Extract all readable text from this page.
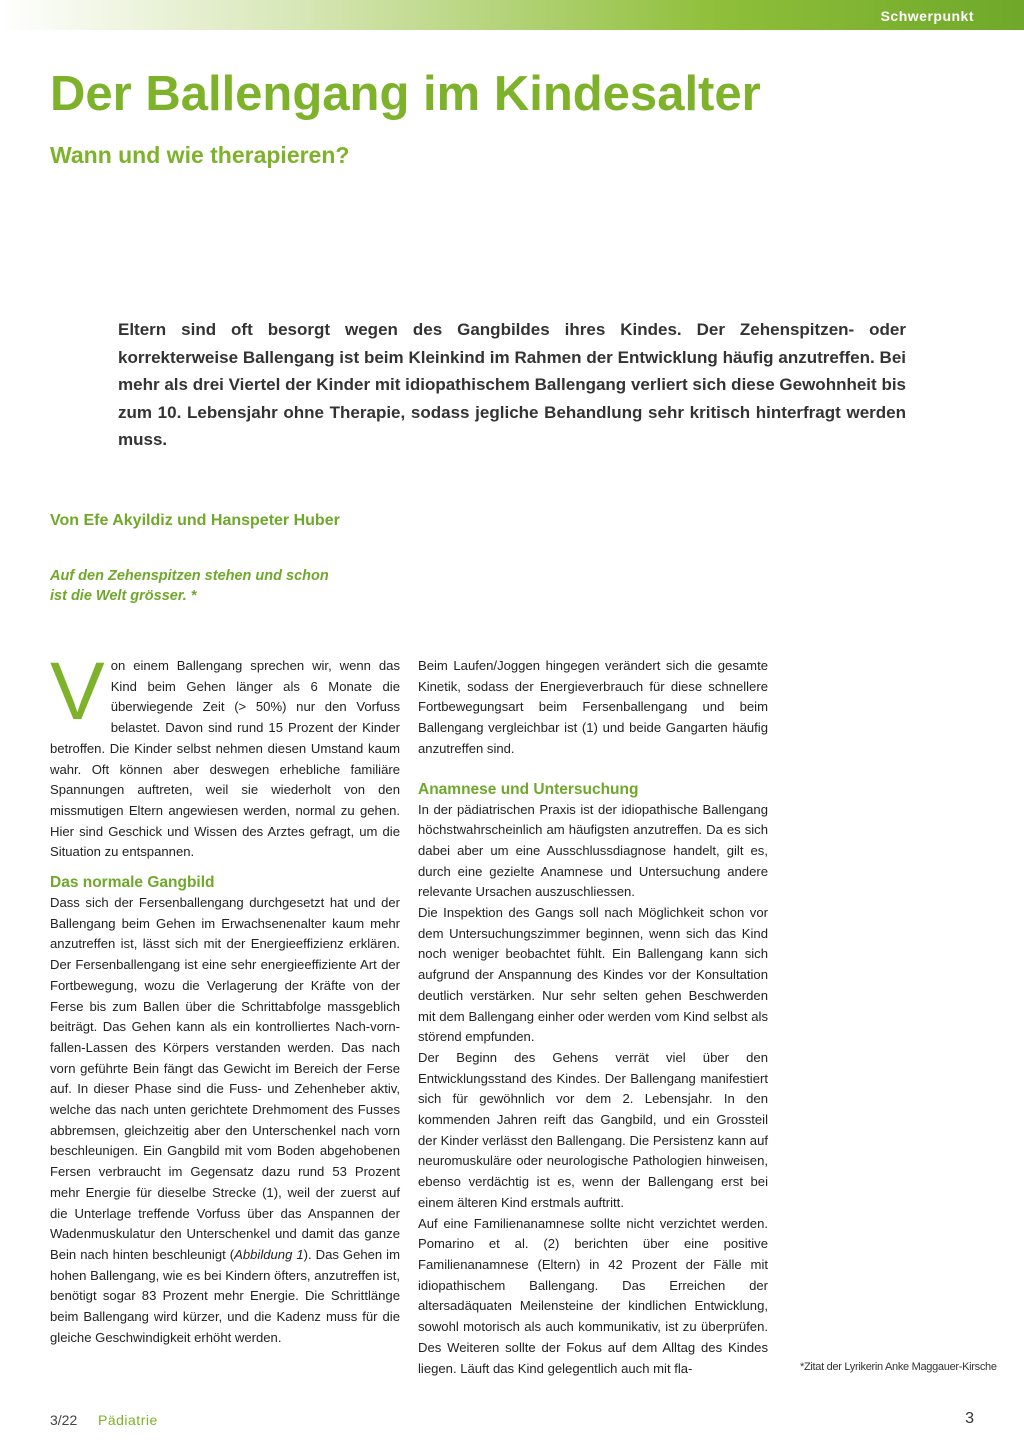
Schwerpunkt
Der Ballengang im Kindesalter
Wann und wie therapieren?

Eltern sind oft besorgt wegen des Gangbildes ihres Kindes. Der Zehenspitzen- oder korrekterweise Ballengang ist beim Kleinkind im Rahmen der Entwicklung häufig anzutreffen. Bei mehr als drei Viertel der Kinder mit idiopathischem Ballengang verliert sich diese Gewohnheit bis zum 10. Lebensjahr ohne Therapie, sodass jegliche Behandlung sehr kritisch hinterfragt werden muss.

Von Efe Akyildiz und Hanspeter Huber

Auf den Zehenspitzen stehen und schon
ist die Welt grösser. *

Von einem Ballengang sprechen wir, wenn das Kind beim Gehen länger als 6 Monate die überwiegende Zeit (> 50%) nur den Vorfuss belastet. Davon sind rund 15 Prozent der Kinder betroffen. Die Kinder selbst nehmen diesen Umstand kaum wahr. Oft können aber deswegen erhebliche familiäre Spannungen auftreten, weil sie wiederholt von den missmutigen Eltern angewiesen werden, normal zu gehen. Hier sind Geschick und Wissen des Arztes gefragt, um die Situation zu entspannen.

Das normale Gangbild

Dass sich der Fersenballengang durchgesetzt hat und der Ballengang beim Gehen im Erwachsenenalter kaum mehr anzutreffen ist, lässt sich mit der Energieeffizienz erklären. Der Fersenballengang ist eine sehr energieeffiziente Art der Fortbewegung, wozu die Verlagerung der Kräfte von der Ferse bis zum Ballen über die Schrittabfolge massgeblich beiträgt. Das Gehen kann als ein kontrolliertes Nach-vorn-fallen-Lassen des Körpers verstanden werden. Das nach vorn geführte Bein fängt das Gewicht im Bereich der Ferse auf. In dieser Phase sind die Fuss- und Zehenheber aktiv, welche das nach unten gerichtete Drehmoment des Fusses abbremsen, gleichzeitig aber den Unterschenkel nach vorn beschleunigen. Ein Gangbild mit vom Boden abgehobenen Fersen verbraucht im Gegensatz dazu rund 53 Prozent mehr Energie für dieselbe Strecke (1), weil der zuerst auf die Unterlage treffende Vorfuss über das Anspannen der Wadenmuskulatur den Unterschenkel und damit das ganze Bein nach hinten beschleunigt (Abbildung 1). Das Gehen im hohen Ballengang, wie es bei Kindern öfters, anzutreffen ist, benötigt sogar 83 Prozent mehr Energie. Die Schrittlänge beim Ballengang wird kürzer, und die Kadenz muss für die gleiche Geschwindigkeit erhöht werden.

Beim Laufen/Joggen hingegen verändert sich die gesamte Kinetik, sodass der Energieverbrauch für diese schnellere Fortbewegungsart beim Fersenballengang und beim Ballengang vergleichbar ist (1) und beide Gangarten häufig anzutreffen sind.

Anamnese und Untersuchung

In der pädiatrischen Praxis ist der idiopathische Ballengang höchstwahrscheinlich am häufigsten anzutreffen. Da es sich dabei aber um eine Ausschlussdiagnose handelt, gilt es, durch eine gezielte Anamnese und Untersuchung andere relevante Ursachen auszuschliessen.

Die Inspektion des Gangs soll nach Möglichkeit schon vor dem Untersuchungszimmer beginnen, wenn sich das Kind noch weniger beobachtet fühlt. Ein Ballengang kann sich aufgrund der Anspannung des Kindes vor der Konsultation deutlich verstärken. Nur sehr selten gehen Beschwerden mit dem Ballengang einher oder werden vom Kind selbst als störend empfunden.

Der Beginn des Gehens verrät viel über den Entwicklungsstand des Kindes. Der Ballengang manifestiert sich für gewöhnlich vor dem 2. Lebensjahr. In den kommenden Jahren reift das Gangbild, und ein Grossteil der Kinder verlässt den Ballengang. Die Persistenz kann auf neuromuskuläre oder neurologische Pathologien hinweisen, ebenso verdächtig ist es, wenn der Ballengang erst bei einem älteren Kind erstmals auftritt.

Auf eine Familienanamnese sollte nicht verzichtet werden. Pomarino et al. (2) berichten über eine positive Familienanamnese (Eltern) in 42 Prozent der Fälle mit idiopathischem Ballengang. Das Erreichen der altersadäquaten Meilensteine der kindlichen Entwicklung, sowohl motorisch als auch kommunikativ, ist zu überprüfen. Des Weiteren sollte der Fokus auf dem Alltag des Kindes liegen. Läuft das Kind gelegentlich auch mit fla-	*Zitat der Lyrikerin Anke Maggauer-Kirsche
3/22 Pädiatrie	3
